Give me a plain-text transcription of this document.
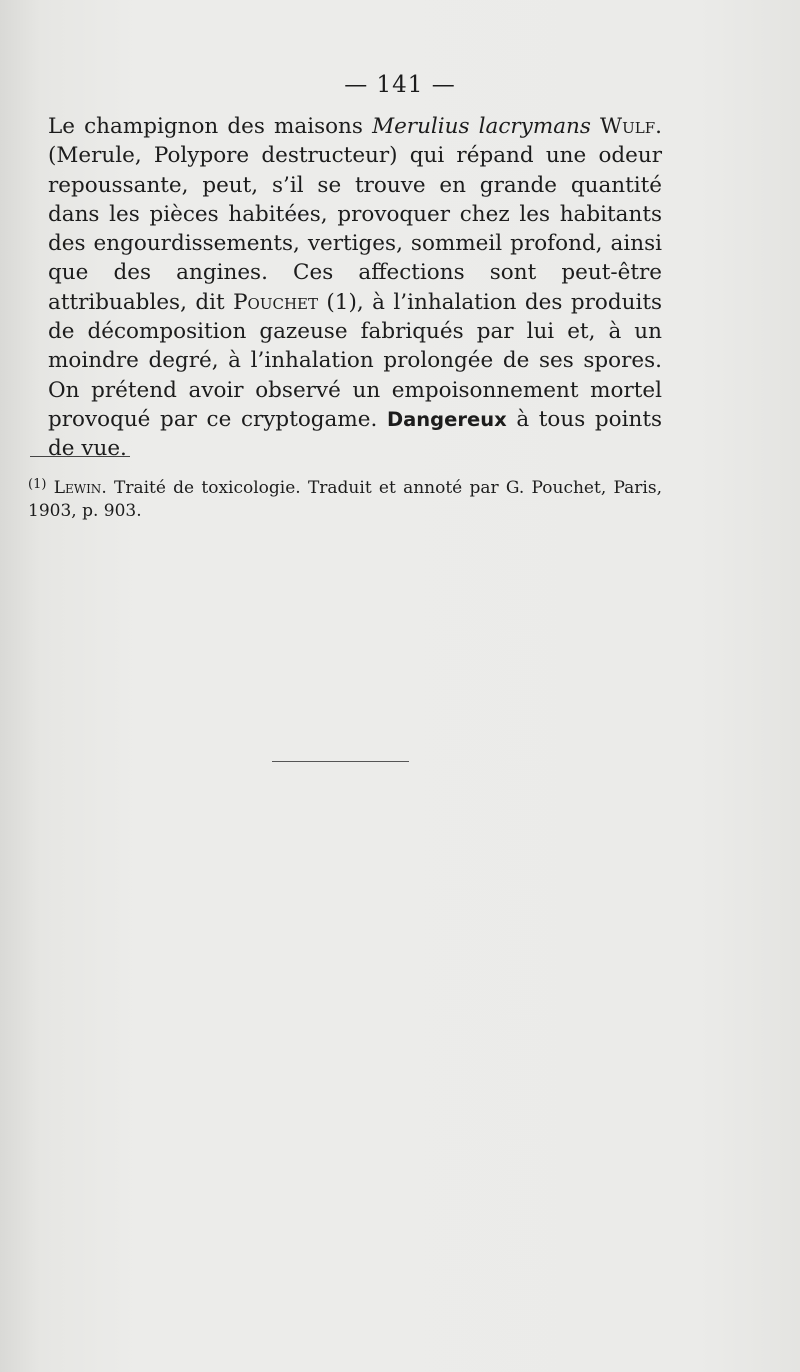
— 141 —

Le champignon des maisons Merulius lacrymans Wulf. (Merule, Polypore destructeur) qui répand une odeur repoussante, peut, s’il se trouve en grande quantité dans les pièces habitées, provoquer chez les habitants des engourdissements, vertiges, sommeil profond, ainsi que des angines. Ces affections sont peut-être attribuables, dit Pouchet (1), à l’inhalation des produits de décomposition gazeuse fabriqués par lui et, à un moindre degré, à l’inhalation prolongée de ses spores. On prétend avoir observé un empoisonnement mortel provoqué par ce cryptogame. Dangereux à tous points de vue.

$^{(1)}$ Lewin. Traité de toxicologie. Traduit et annoté par G. Pouchet, Paris, 1903, p. 903.
